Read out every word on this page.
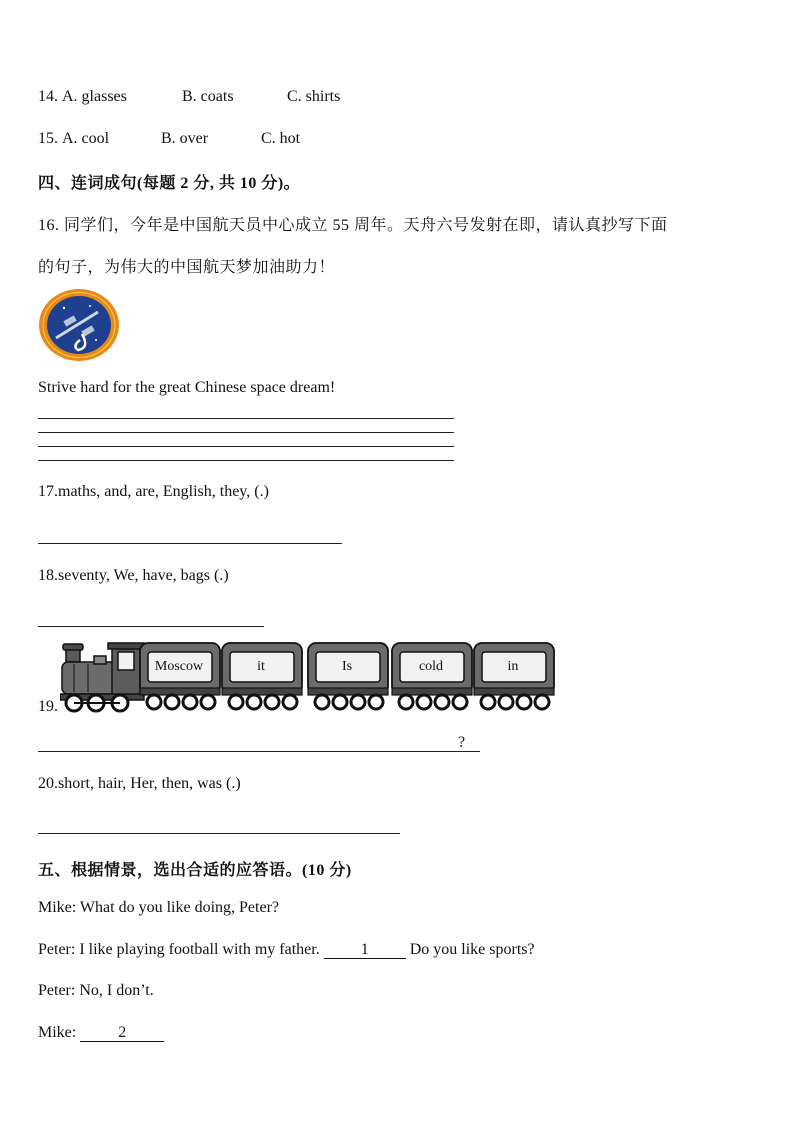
14. A. glasses	B. coats	C. shirts
15. A. cool	B. over	C. hot
四、连词成句(每题 2 分, 共 10 分)。
16. 同学们，今年是中国航天员中心成立 55 周年。天舟六号发射在即，请认真抄写下面
的句子，为伟大的中国航天梦加油助力！
Strive hard for the great Chinese space dream!
17.maths, and, are, English, they, (.)
18.seventy, We, have, bags (.)
19.
Moscow	it	Is	cold	in
?
20.short, hair, Her, then, was (.)
五、根据情景，选出合适的应答语。(10 分)
Mike: What do you like doing, Peter?
Peter: I like playing football with my father. 1 Do you like sports?
Peter: No, I don’t.
Mike: 2
